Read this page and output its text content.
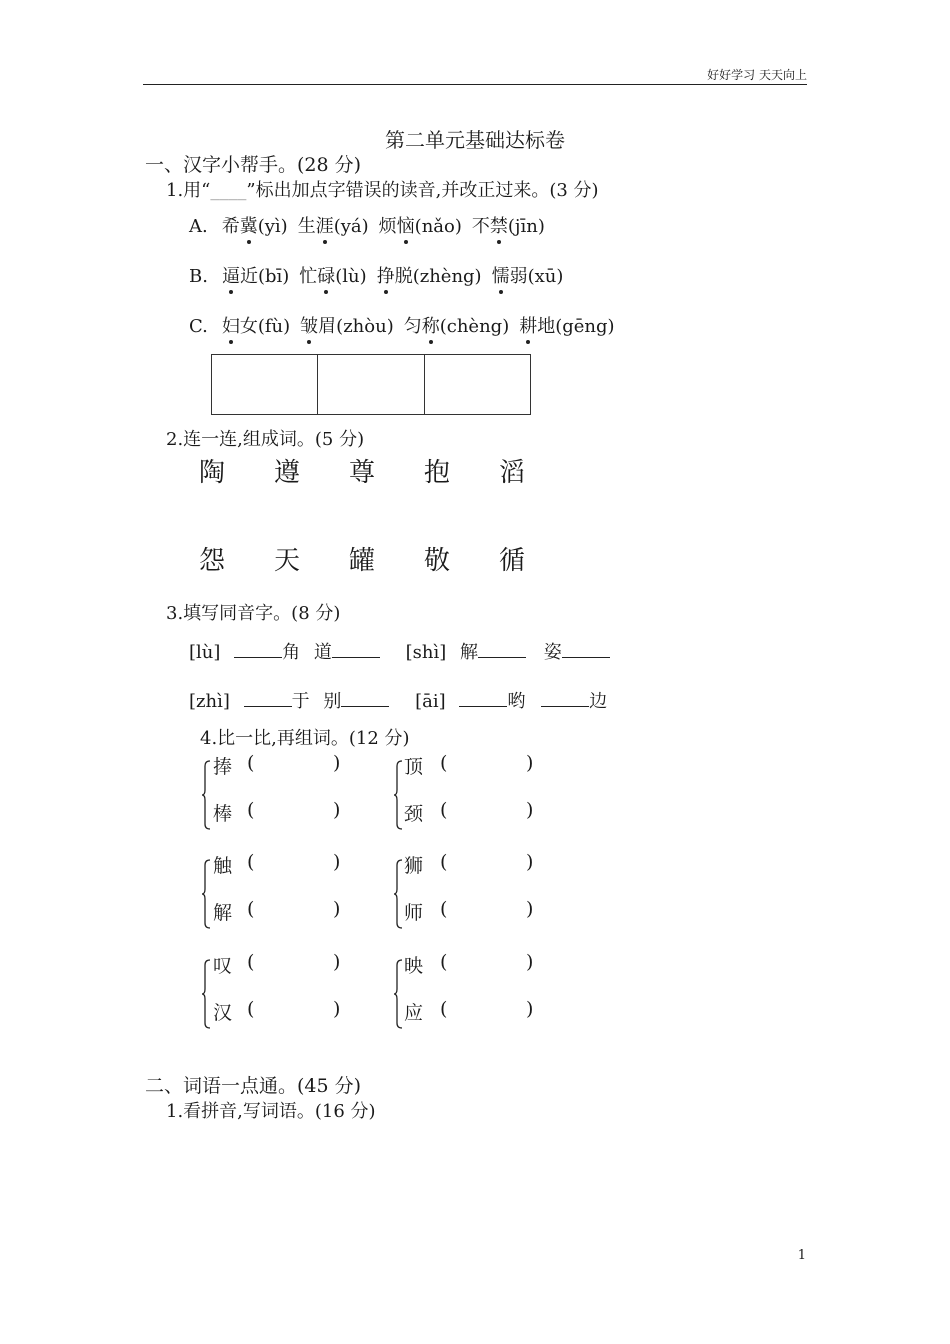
好好学习 天天向上
第二单元基础达标卷
一、汉字小帮手。(28 分)
1.用“____”标出加点字错误的读音,并改正过来。(3 分)
A. 希冀(yì) 生涯(yá) 烦恼(nǎo) 不禁(jīn)
B. 逼近(bī) 忙碌(lù) 挣脱(zhèng) 懦弱(xū)
C. 妇女(fù) 皱眉(zhòu) 匀称(chèng) 耕地(gēng)
2.连一连,组成词。(5 分)
陶 遵 尊 抱 滔
怨 天 罐 敬 循
3.填写同音字。(8 分)
[lù]	角 道	[shì] 解	姿
[zhì]	于 别	[āi]	哟	边
4.比一比,再组词。(12 分)
捧 (	)
棒 (	)
顶 (	)
颈 (	)
触 (	)
解 (	)
狮 (	)
师 (	)
叹 (	)
汉 (	)
映 (	)
应 (	)
二、词语一点通。(45 分)
1.看拼音,写词语。(16 分)
1
